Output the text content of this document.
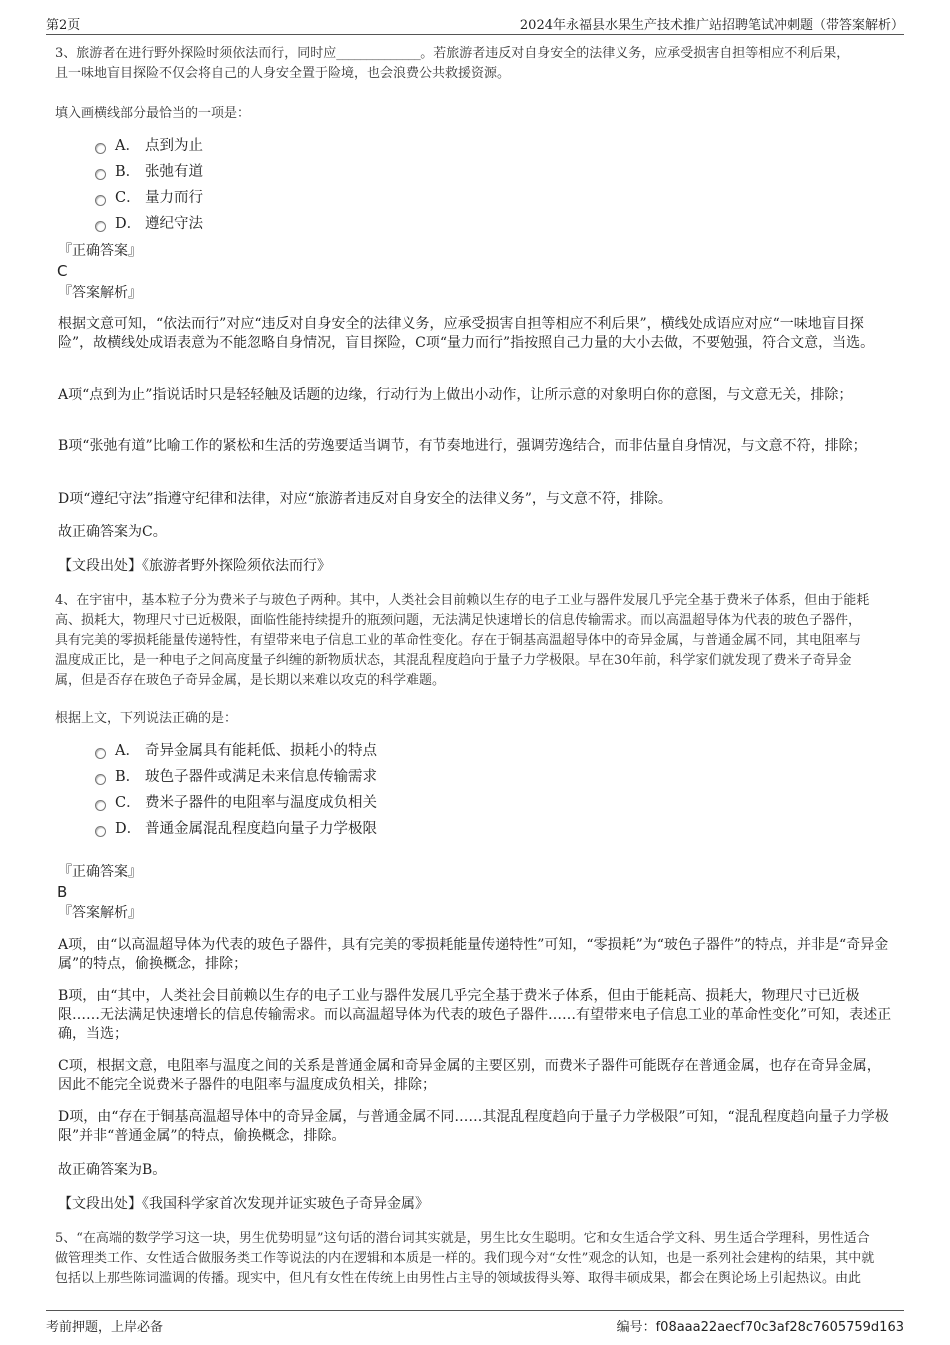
第2页	2024年永福县水果生产技术推广站招聘笔试冲刺题（带答案解析）
3、旅游者在进行野外探险时须依法而行，同时应______________。若旅游者违反对自身安全的法律义务，应承受损害自担等相应不利后果，
且一味地盲目探险不仅会将自己的人身安全置于险境，也会浪费公共救援资源。
填入画横线部分最恰当的一项是：
A． 点到为止
B． 张弛有道
C． 量力而行
D． 遵纪守法
『正确答案』
C
『答案解析』
根据文意可知，“依法而行”对应“违反对自身安全的法律义务，应承受损害自担等相应不利后果”，横线处成语应对应“一味地盲目探险”，故横线处成语表意为不能忽略自身情况，盲目探险，C项“量力而行”指按照自己力量的大小去做，不要勉强，符合文意，当选。
A项“点到为止”指说话时只是轻轻触及话题的边缘，行动行为上做出小动作，让所示意的对象明白你的意图，与文意无关，排除；
B项“张弛有道”比喻工作的紧松和生活的劳逸要适当调节，有节奏地进行，强调劳逸结合，而非估量自身情况，与文意不符，排除；
D项“遵纪守法”指遵守纪律和法律，对应“旅游者违反对自身安全的法律义务”，与文意不符，排除。
故正确答案为C。
【文段出处】《旅游者野外探险须依法而行》
4、在宇宙中，基本粒子分为费米子与玻色子两种。其中，人类社会目前赖以生存的电子工业与器件发展几乎完全基于费米子体系，但由于能耗
高、损耗大，物理尺寸已近极限，面临性能持续提升的瓶颈问题，无法满足快速增长的信息传输需求。而以高温超导体为代表的玻色子器件，
具有完美的零损耗能量传递特性，有望带来电子信息工业的革命性变化。存在于铜基高温超导体中的奇异金属，与普通金属不同，其电阻率与
温度成正比，是一种电子之间高度量子纠缠的新物质状态，其混乱程度趋向于量子力学极限。早在30年前，科学家们就发现了费米子奇异金
属，但是否存在玻色子奇异金属，是长期以来难以攻克的科学难题。
根据上文，下列说法正确的是：
A． 奇异金属具有能耗低、损耗小的特点
B． 玻色子器件或满足未来信息传输需求
C． 费米子器件的电阻率与温度成负相关
D． 普通金属混乱程度趋向量子力学极限
『正确答案』
B
『答案解析』
A项，由“以高温超导体为代表的玻色子器件，具有完美的零损耗能量传递特性”可知，“零损耗”为“玻色子器件”的特点，并非是“奇异金属”的特点，偷换概念，排除；
B项，由“其中，人类社会目前赖以生存的电子工业与器件发展几乎完全基于费米子体系，但由于能耗高、损耗大，物理尺寸已近极限……无法满足快速增长的信息传输需求。而以高温超导体为代表的玻色子器件……有望带来电子信息工业的革命性变化”可知，表述正确，当选；
C项，根据文意，电阻率与温度之间的关系是普通金属和奇异金属的主要区别，而费米子器件可能既存在普通金属，也存在奇异金属，因此不能完全说费米子器件的电阻率与温度成负相关，排除；
D项，由“存在于铜基高温超导体中的奇异金属，与普通金属不同……其混乱程度趋向于量子力学极限”可知，“混乱程度趋向量子力学极限”并非“普通金属”的特点，偷换概念，排除。
故正确答案为B。
【文段出处】《我国科学家首次发现并证实玻色子奇异金属》
5、“在高端的数学学习这一块，男生优势明显”这句话的潜台词其实就是，男生比女生聪明。它和女生适合学文科、男生适合学理科，男性适合
做管理类工作、女性适合做服务类工作等说法的内在逻辑和本质是一样的。我们现今对“女性”观念的认知，也是一系列社会建构的结果，其中就
包括以上那些陈词滥调的传播。现实中，但凡有女性在传统上由男性占主导的领域拔得头筹、取得丰硕成果，都会在舆论场上引起热议。由此
考前押题，上岸必备	编号：f08aaa22aecf70c3af28c7605759d163
